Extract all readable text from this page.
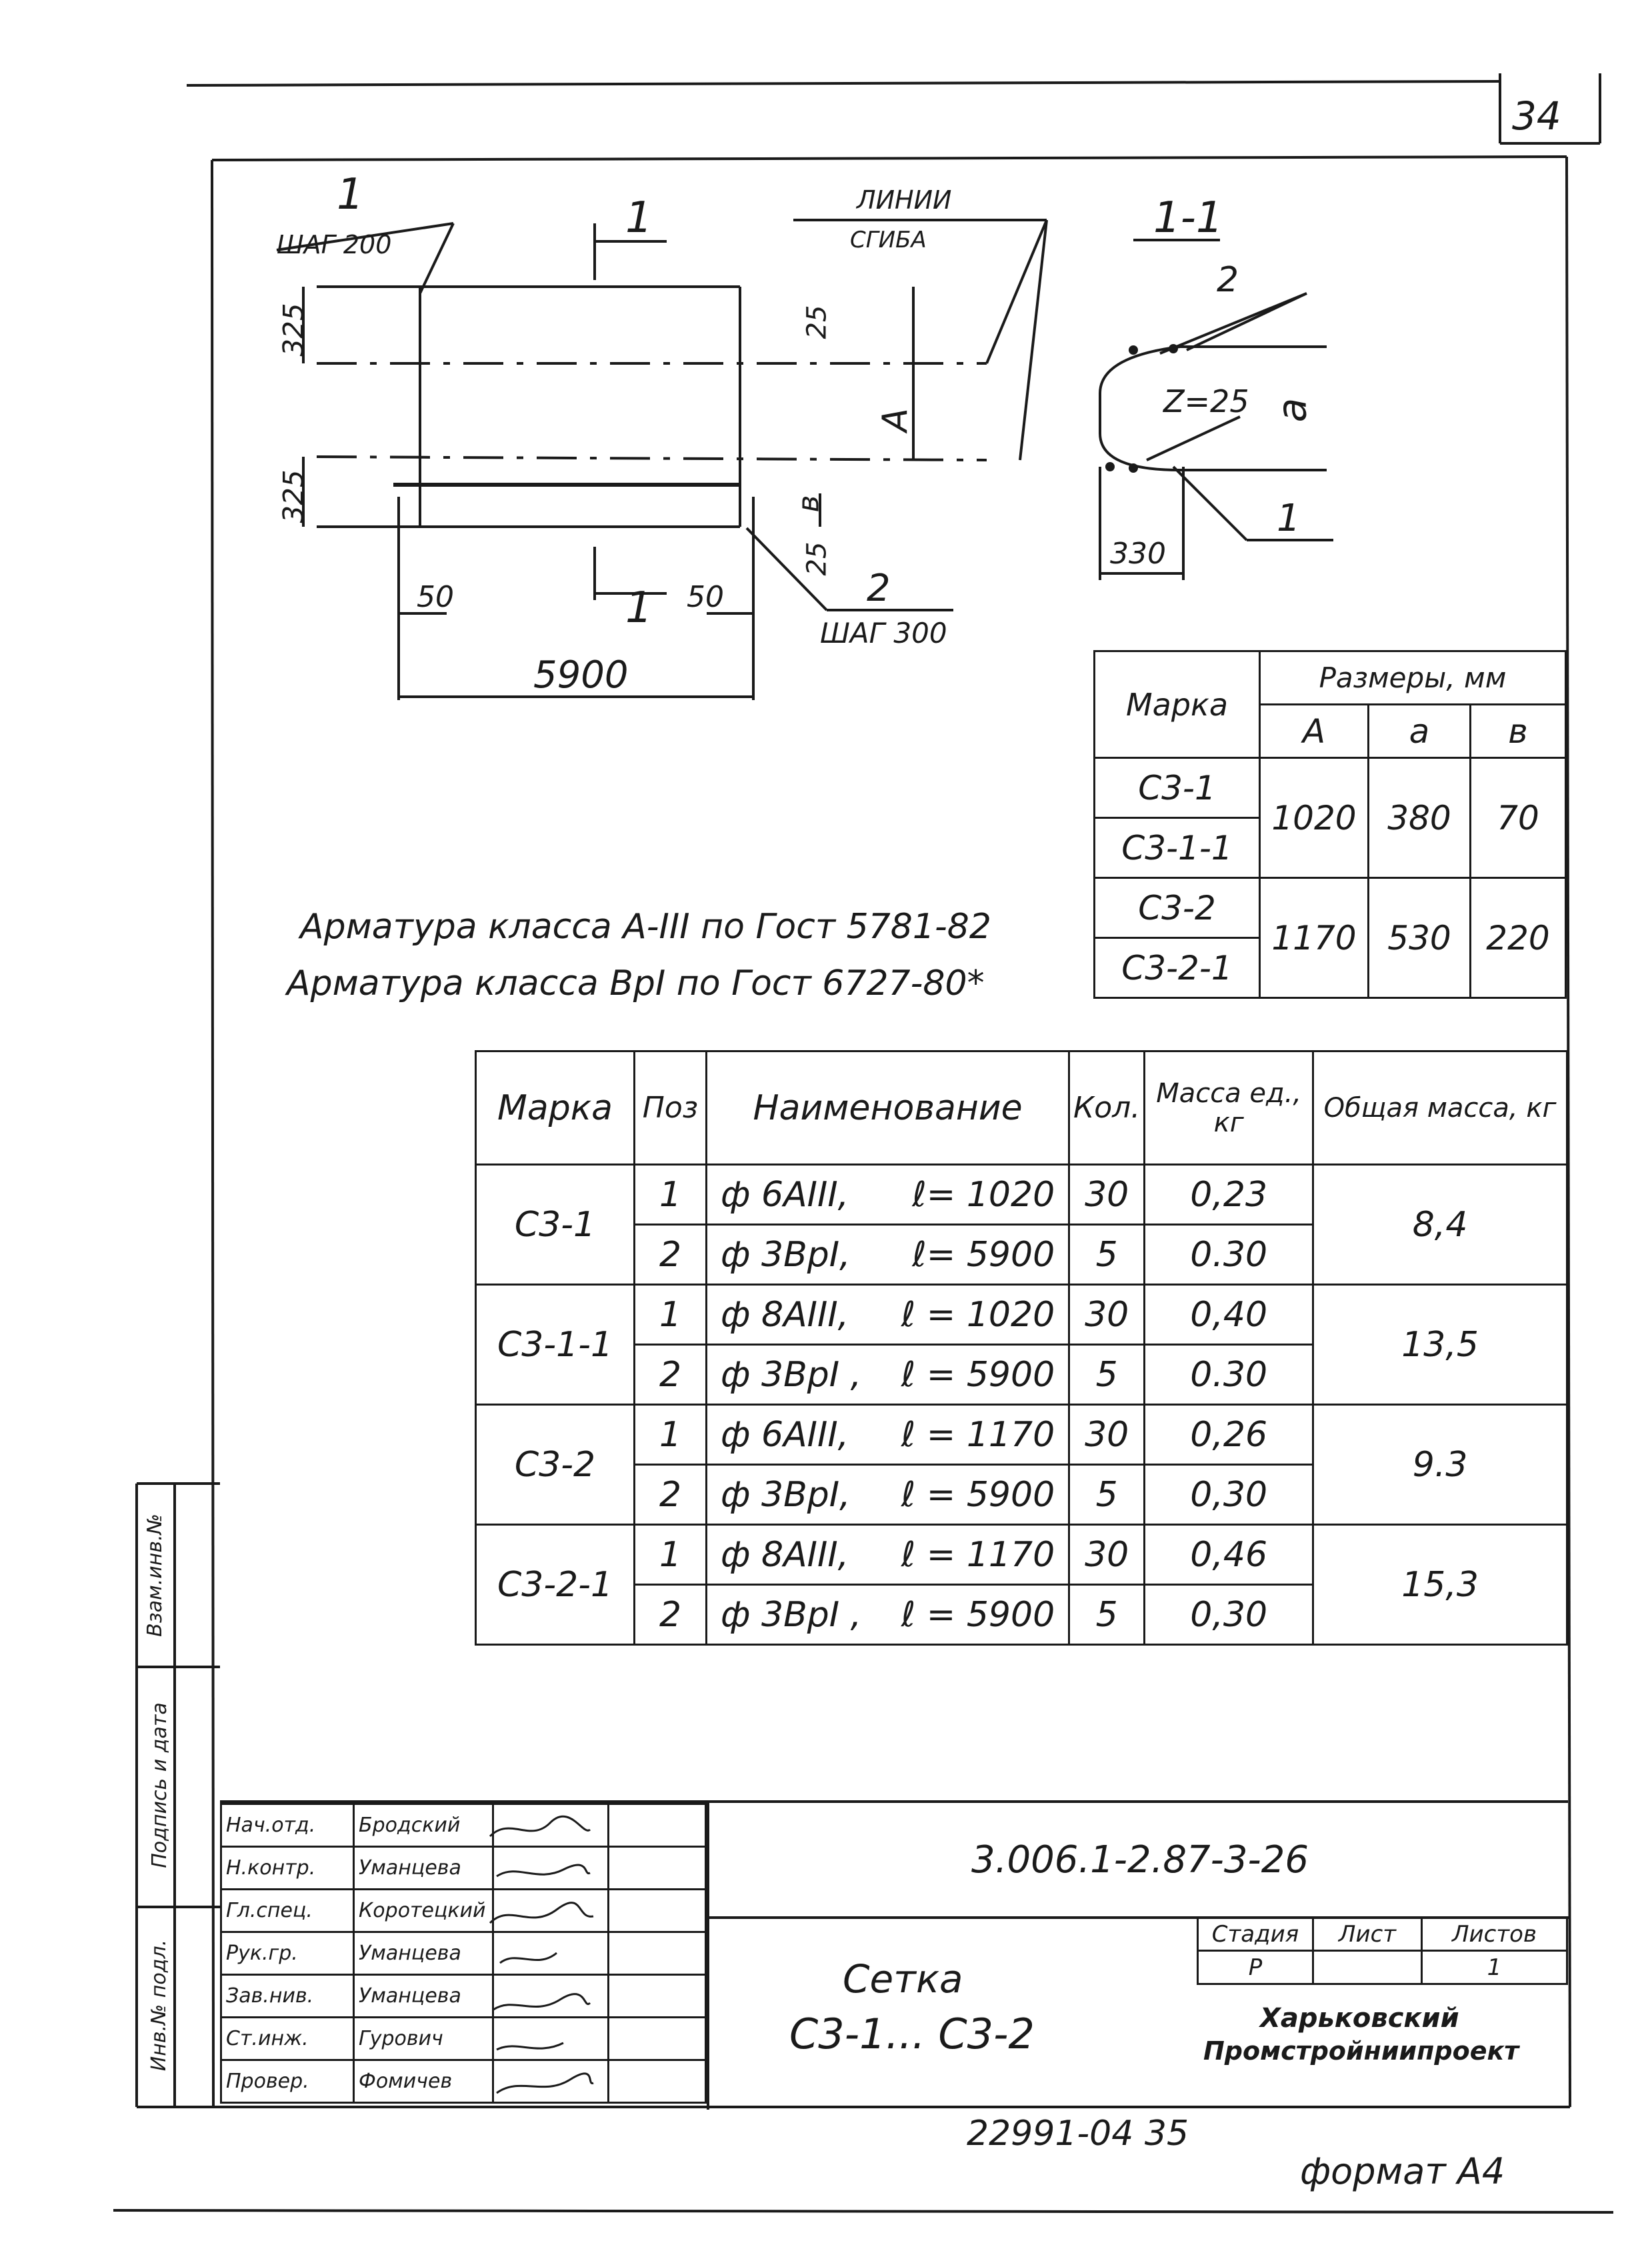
34
1
ШАГ 200
1
1
ЛИНИИ
СГИБА
325
325
25
25
A
в
50	50
5900
2
ШАГ 300
1-1
2
Z=25 a
1
330
Марка	Размеры, мм		
	A	a	в
С3-1	1020	380	70
С3-1-1			
С3-2	1170	530	220
С3-2-1			
Арматура класса А-III по Гост 5781-82
Арматура класса ВрI по Гост 6727-80*
Марка	Поз	Наименование		Кол.	Масса ед., кг	Общая масса, кг
С3-1	1	ф 6АIII,	ℓ= 1020	30	0,23	8,4
	2	ф 3ВрI,	ℓ= 5900	5	0.30	
С3-1-1	1	ф 8АIII,	ℓ = 1020	30	0,40	13,5
	2	ф 3ВрI ,	ℓ = 5900	5	0.30	
С3-2	1	ф 6АIII,	ℓ = 1170	30	0,26	9.3
	2	ф 3ВрI,	ℓ = 5900	5	0,30	
С3-2-1	1	ф 8АIII,	ℓ = 1170	30	0,46	15,3
	2	ф 3ВрI ,	ℓ = 5900	5	0,30	
Инв.№ подл.
Подпись и дата
Взам.инв.№
Нач.отд.	Бродский		
Н.контр.	Уманцева		
Гл.спец.	Коротецкий		
Рук.гр.	Уманцева		
Зав.нив.	Уманцева		
Ст.инж.	Гурович		
Провер.	Фомичев		
3.006.1-2.87-3-26
Сетка
С3-1... С3-2
Стадия	Лист	Листов
Р		1
Харьковский
Промстройниипроект
22991-04 35
формат А4
